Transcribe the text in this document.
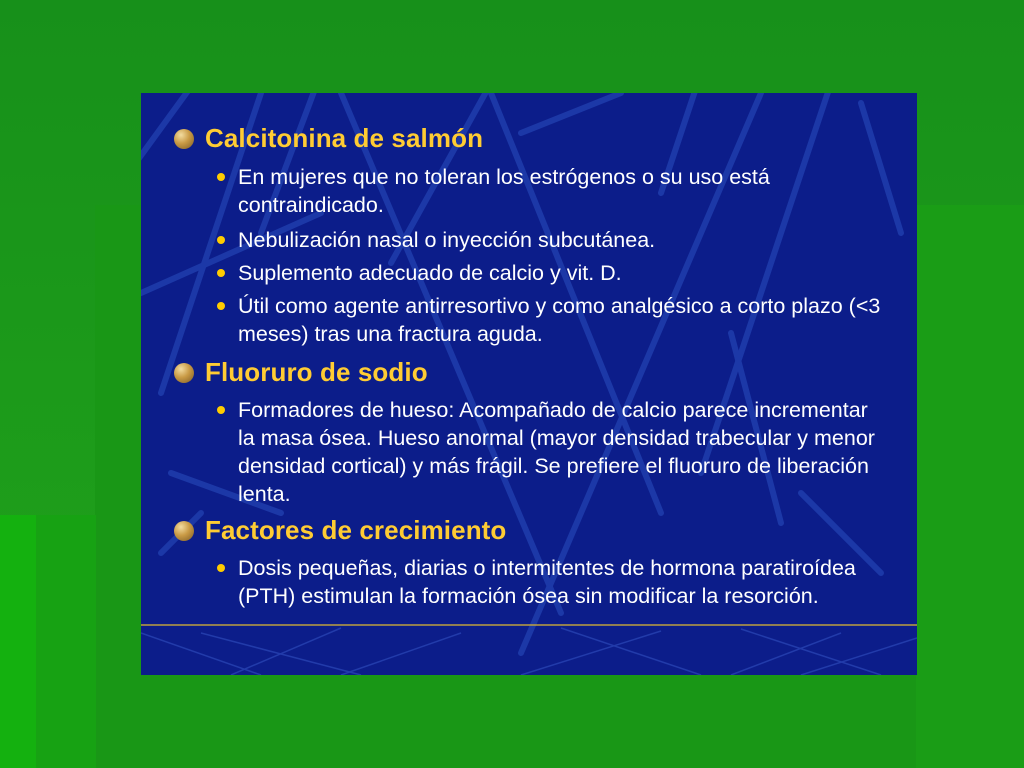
Calcitonina de salmón

En mujeres que no toleran los estrógenos o su uso está contraindicado.

Nebulización nasal o inyección subcutánea.

Suplemento adecuado de calcio y vit. D.

Útil como agente antirresortivo y como analgésico a corto plazo (<3 meses) tras una fractura aguda.

Fluoruro de sodio

Formadores de hueso: Acompañado de calcio parece incrementar la masa ósea. Hueso anormal (mayor densidad trabecular y menor densidad cortical) y más frágil. Se prefiere el fluoruro de liberación lenta.

Factores de crecimiento

Dosis pequeñas, diarias o intermitentes de hormona paratiroídea (PTH) estimulan la formación ósea sin modificar la resorción.
